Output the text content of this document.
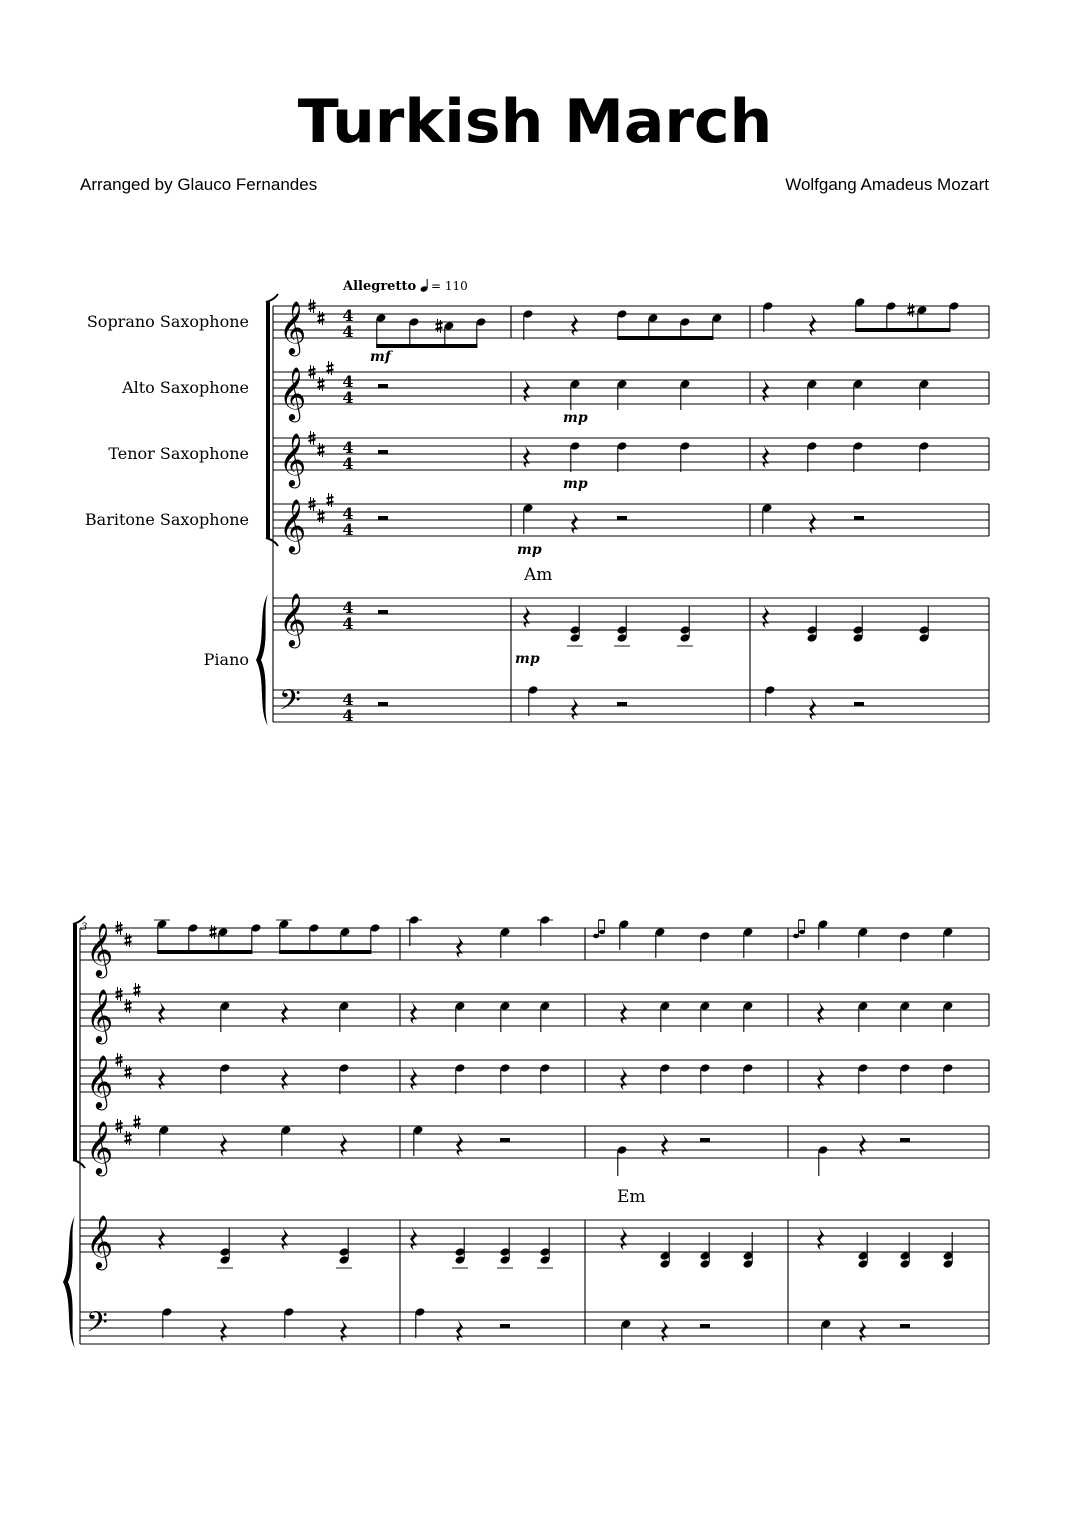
Turkish March
Arranged by Glauco Fernandes	Wolfgang Amadeus Mozart
Allegretto = 110
Soprano Saxophone
Alto Saxophone
Tenor Saxophone
Baritone Saxophone
Piano
𝄞
𝄞
𝄞
𝄞
𝄞
𝄢
4
4
4
4
4
4
4
4
4
4
4
4
𝄞
𝄞
𝄞
𝄞
𝄞
𝄢
mf
mp
mp
mp
mp
Am
Em
3
